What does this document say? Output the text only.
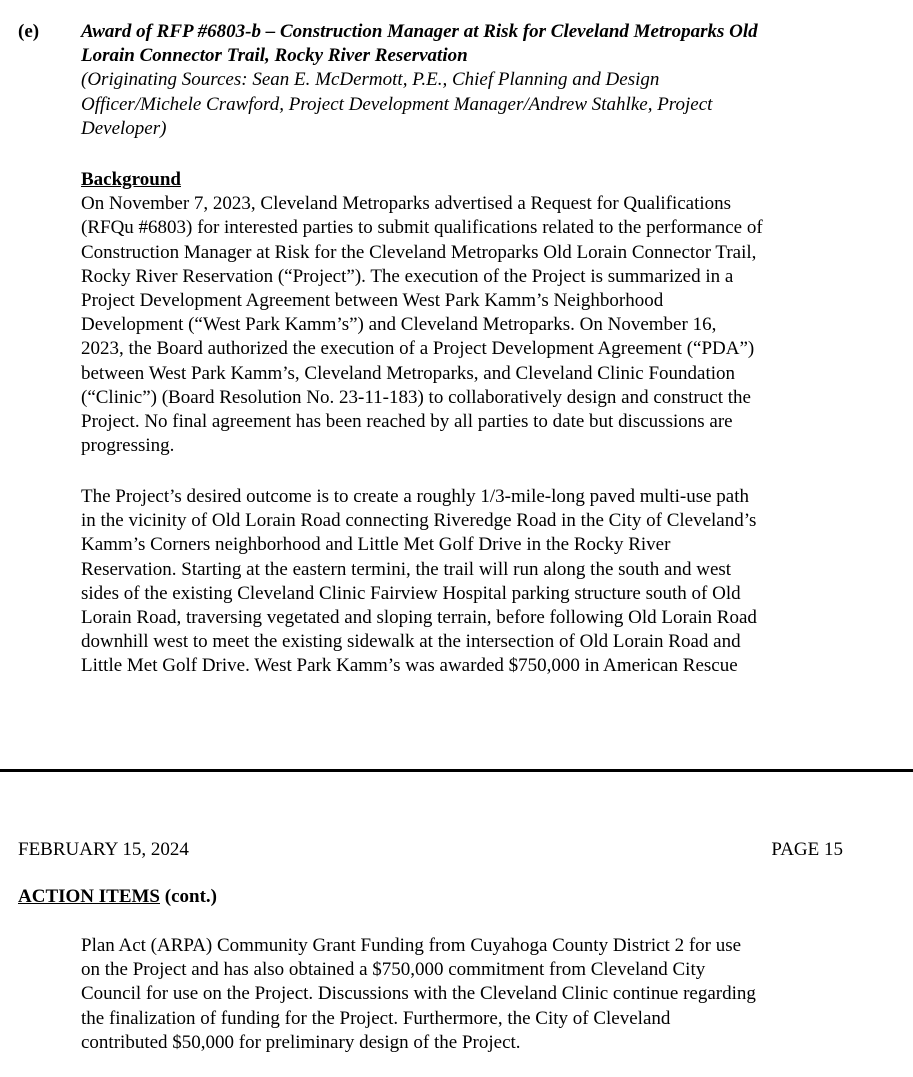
(e) Award of RFP #6803-b – Construction Manager at Risk for Cleveland Metroparks Old
Lorain Connector Trail, Rocky River Reservation
(Originating Sources: Sean E. McDermott, P.E., Chief Planning and Design
Officer/Michele Crawford, Project Development Manager/Andrew Stahlke, Project
Developer)
Background
On November 7, 2023, Cleveland Metroparks advertised a Request for Qualifications
(RFQu #6803) for interested parties to submit qualifications related to the performance of
Construction Manager at Risk for the Cleveland Metroparks Old Lorain Connector Trail,
Rocky River Reservation (“Project”). The execution of the Project is summarized in a
Project Development Agreement between West Park Kamm’s Neighborhood
Development (“West Park Kamm’s”) and Cleveland Metroparks. On November 16,
2023, the Board authorized the execution of a Project Development Agreement (“PDA”)
between West Park Kamm’s, Cleveland Metroparks, and Cleveland Clinic Foundation
(“Clinic”) (Board Resolution No. 23-11-183) to collaboratively design and construct the
Project. No final agreement has been reached by all parties to date but discussions are
progressing.
The Project’s desired outcome is to create a roughly 1/3-mile-long paved multi-use path
in the vicinity of Old Lorain Road connecting Riveredge Road in the City of Cleveland’s
Kamm’s Corners neighborhood and Little Met Golf Drive in the Rocky River
Reservation. Starting at the eastern termini, the trail will run along the south and west
sides of the existing Cleveland Clinic Fairview Hospital parking structure south of Old
Lorain Road, traversing vegetated and sloping terrain, before following Old Lorain Road
downhill west to meet the existing sidewalk at the intersection of Old Lorain Road and
Little Met Golf Drive. West Park Kamm’s was awarded $750,000 in American Rescue
FEBRUARY 15, 2024	PAGE 15
ACTION ITEMS (cont.)
Plan Act (ARPA) Community Grant Funding from Cuyahoga County District 2 for use
on the Project and has also obtained a $750,000 commitment from Cleveland City
Council for use on the Project. Discussions with the Cleveland Clinic continue regarding
the finalization of funding for the Project. Furthermore, the City of Cleveland
contributed $50,000 for preliminary design of the Project.
